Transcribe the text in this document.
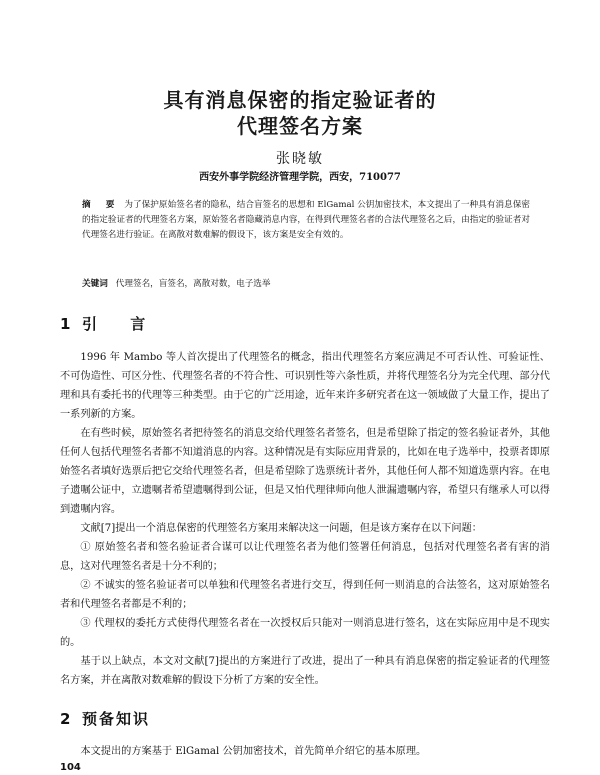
具有消息保密的指定验证者的
代理签名方案
张晓敏
西安外事学院经济管理学院，西安，710077
摘 要 为了保护原始签名者的隐私，结合盲签名的思想和 ElGamal 公钥加密技术，本文提出了一种具有消息保密的指定验证者的代理签名方案，原始签名者隐藏消息内容，在得到代理签名者的合法代理签名之后，由指定的验证者对代理签名进行验证。在离散对数难解的假设下，该方案是安全有效的。
关键词 代理签名，盲签名，离散对数，电子选举
1 引 言

1996 年 Mambo 等人首次提出了代理签名的概念，指出代理签名方案应满足不可否认性、可验证性、不可伪造性、可区分性、代理签名者的不符合性、可识别性等六条性质，并将代理签名分为完全代理、部分代理和具有委托书的代理等三种类型。由于它的广泛用途，近年来许多研究者在这一领域做了大量工作，提出了一系列新的方案。

在有些时候，原始签名者把待签名的消息交给代理签名者签名，但是希望除了指定的签名验证者外，其他任何人包括代理签名者都不知道消息的内容。这种情况是有实际应用背景的，比如在电子选举中，投票者即原始签名者填好选票后把它交给代理签名者，但是希望除了选票统计者外，其他任何人都不知道选票内容。在电子遗嘱公证中，立遗嘱者希望遗嘱得到公证，但是又怕代理律师向他人泄漏遗嘱内容，希望只有继承人可以得到遗嘱内容。

文献[7]提出一个消息保密的代理签名方案用来解决这一问题，但是该方案存在以下问题：

① 原始签名者和签名验证者合谋可以让代理签名者为他们签署任何消息，包括对代理签名者有害的消息，这对代理签名者是十分不利的；

② 不诚实的签名验证者可以单独和代理签名者进行交互，得到任何一则消息的合法签名，这对原始签名者和代理签名者都是不利的；

③ 代理权的委托方式使得代理签名者在一次授权后只能对一则消息进行签名，这在实际应用中是不现实的。

基于以上缺点，本文对文献[7]提出的方案进行了改进，提出了一种具有消息保密的指定验证者的代理签名方案，并在离散对数难解的假设下分析了方案的安全性。

2 预备知识

本文提出的方案基于 ElGamal 公钥加密技术，首先简单介绍它的基本原理。

104
